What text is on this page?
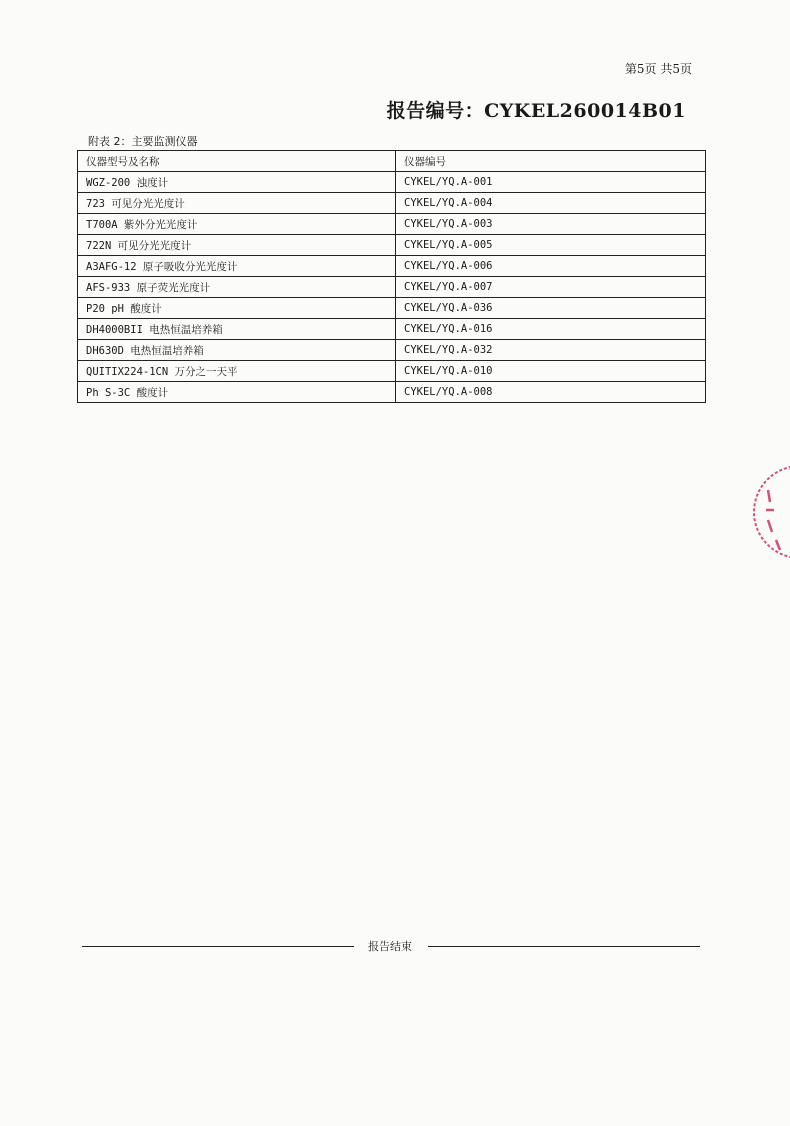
第5页 共5页
报告编号：CYKEL260014B01
附表 2：主要监测仪器
仪器型号及名称	仪器编号
WGZ-200 浊度计	CYKEL/YQ.A-001
723 可见分光光度计	CYKEL/YQ.A-004
T700A 紫外分光光度计	CYKEL/YQ.A-003
722N 可见分光光度计	CYKEL/YQ.A-005
A3AFG-12 原子吸收分光光度计	CYKEL/YQ.A-006
AFS-933 原子荧光光度计	CYKEL/YQ.A-007
P20 pH 酸度计	CYKEL/YQ.A-036
DH4000BII 电热恒温培养箱	CYKEL/YQ.A-016
DH630D 电热恒温培养箱	CYKEL/YQ.A-032
QUITIX224-1CN 万分之一天平	CYKEL/YQ.A-010
Ph S-3C 酸度计	CYKEL/YQ.A-008
报告结束
